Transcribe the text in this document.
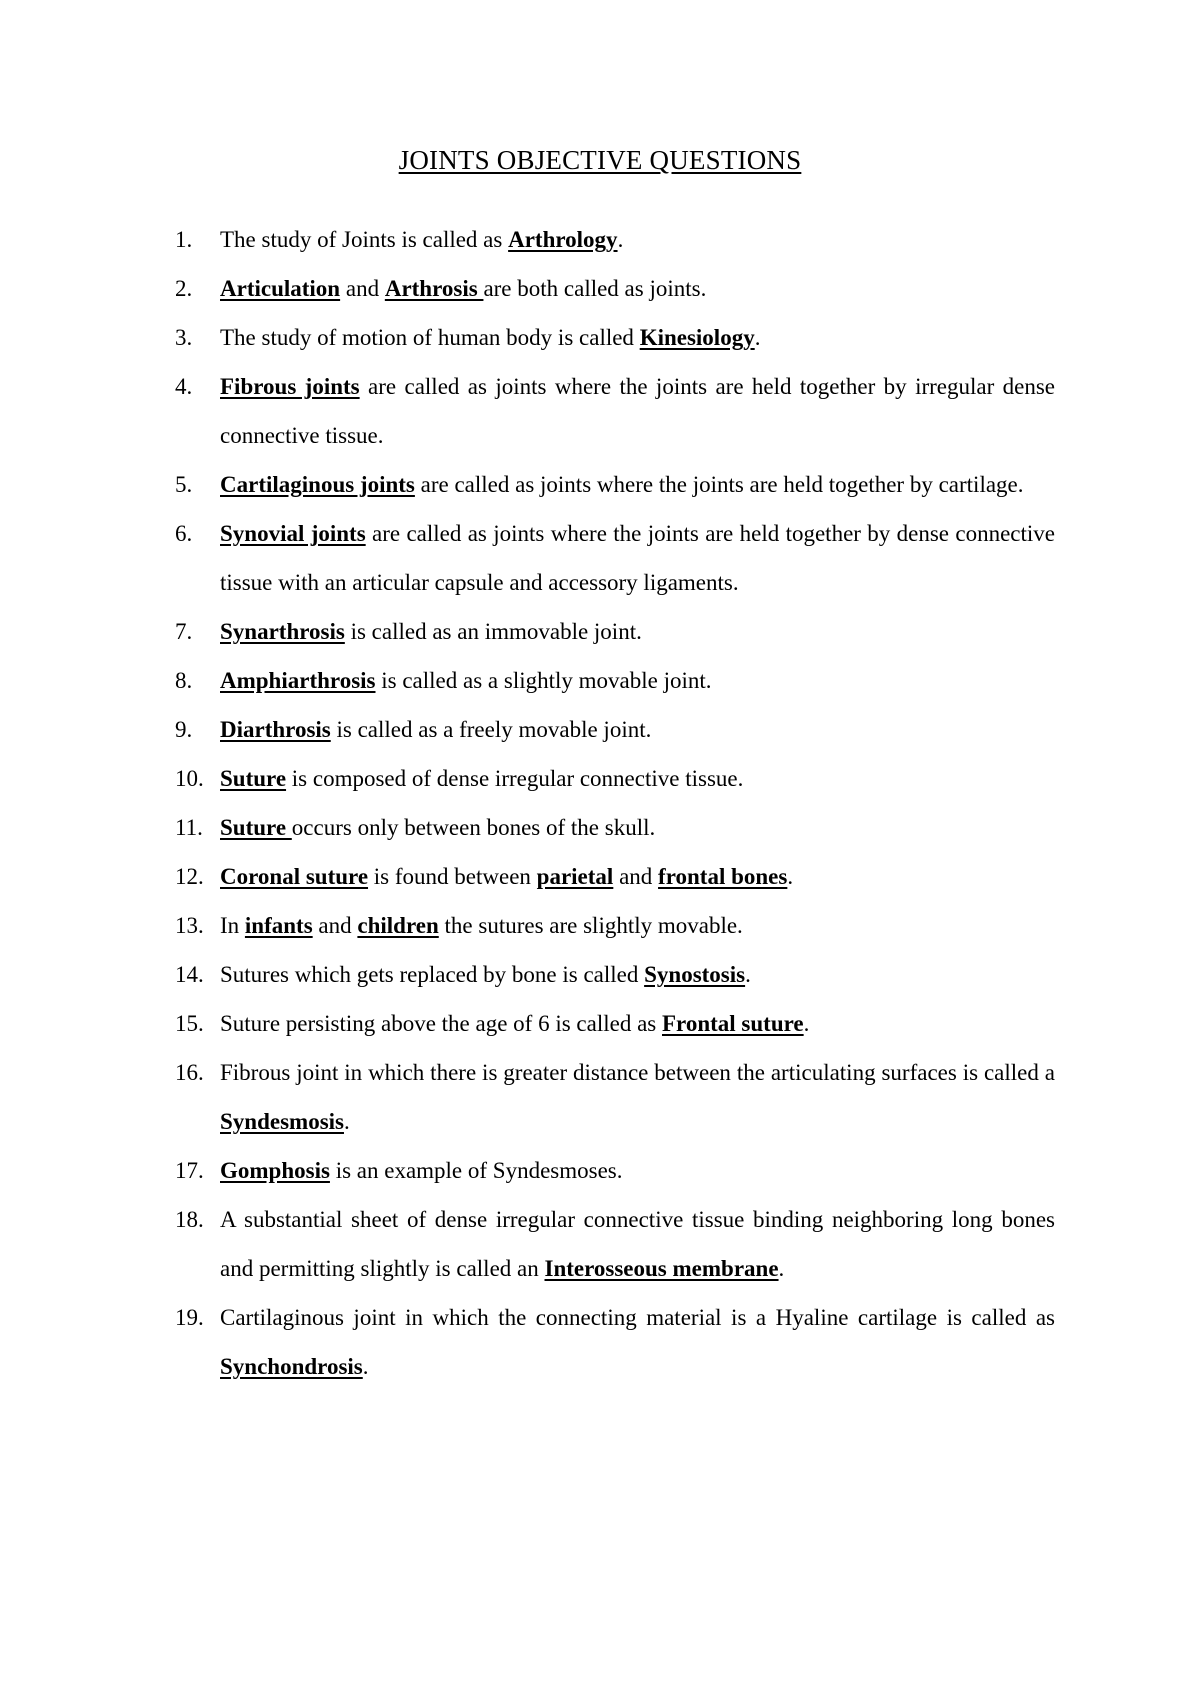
JOINTS OBJECTIVE QUESTIONS
1.	The study of Joints is called as Arthrology.
2.	Articulation and Arthrosis are both called as joints.
3.	The study of motion of human body is called Kinesiology.
4.	Fibrous joints are called as joints where the joints are held together by irregular dense connective tissue.
5.	Cartilaginous joints are called as joints where the joints are held together by cartilage.
6.	Synovial joints are called as joints where the joints are held together by dense connective tissue with an articular capsule and accessory ligaments.
7.	Synarthrosis is called as an immovable joint.
8.	Amphiarthrosis is called as a slightly movable joint.
9.	Diarthrosis is called as a freely movable joint.
10. Suture is composed of dense irregular connective tissue.
11. Suture occurs only between bones of the skull.
12. Coronal suture is found between parietal and frontal bones.
13. In infants and children the sutures are slightly movable.
14. Sutures which gets replaced by bone is called Synostosis.
15. Suture persisting above the age of 6 is called as Frontal suture.
16. Fibrous joint in which there is greater distance between the articulating surfaces is called a Syndesmosis.
17. Gomphosis is an example of Syndesmoses.
18. A substantial sheet of dense irregular connective tissue binding neighboring long bones and permitting slightly is called an Interosseous membrane.
19. Cartilaginous joint in which the connecting material is a Hyaline cartilage is called as Synchondrosis.
